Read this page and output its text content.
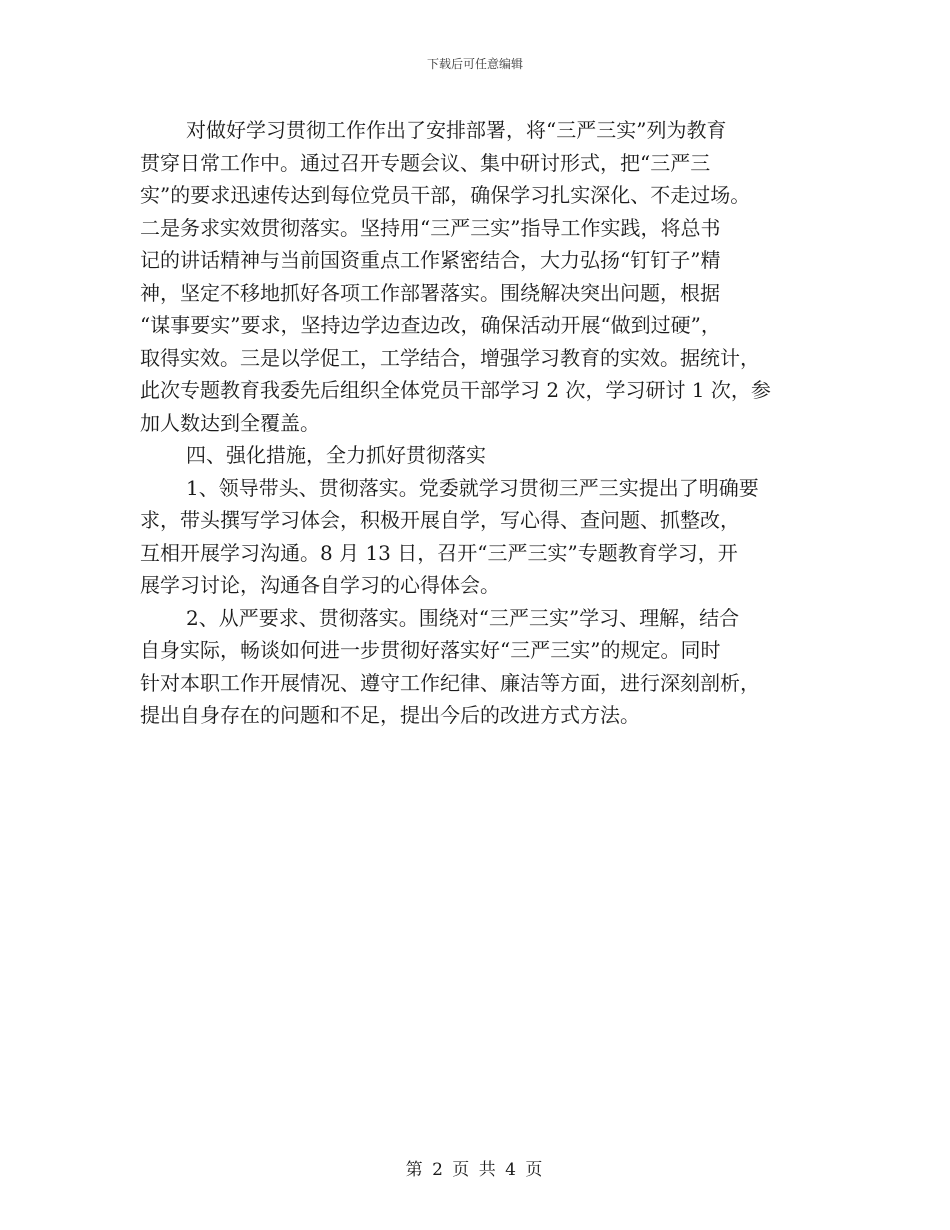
下载后可任意编辑
对做好学习贯彻工作作出了安排部署，将“三严三实”列为教育
贯穿日常工作中。通过召开专题会议、集中研讨形式，把“三严三
实”的要求迅速传达到每位党员干部，确保学习扎实深化、不走过场。
二是务求实效贯彻落实。坚持用“三严三实”指导工作实践，将总书
记的讲话精神与当前国资重点工作紧密结合，大力弘扬“钉钉子”精
神，坚定不移地抓好各项工作部署落实。围绕解决突出问题，根据
“谋事要实”要求，坚持边学边查边改，确保活动开展“做到过硬”，
取得实效。三是以学促工，工学结合，增强学习教育的实效。据统计，
此次专题教育我委先后组织全体党员干部学习 2 次，学习研讨 1 次，参
加人数达到全覆盖。
四、强化措施，全力抓好贯彻落实
1、领导带头、贯彻落实。党委就学习贯彻三严三实提出了明确要
求，带头撰写学习体会，积极开展自学，写心得、查问题、抓整改，
互相开展学习沟通。8 月 13 日，召开“三严三实”专题教育学习，开
展学习讨论，沟通各自学习的心得体会。
2、从严要求、贯彻落实。围绕对“三严三实”学习、理解，结合
自身实际，畅谈如何进一步贯彻好落实好“三严三实”的规定。同时
针对本职工作开展情况、遵守工作纪律、廉洁等方面，进行深刻剖析，
提出自身存在的问题和不足，提出今后的改进方式方法。
第 2 页 共 4 页
